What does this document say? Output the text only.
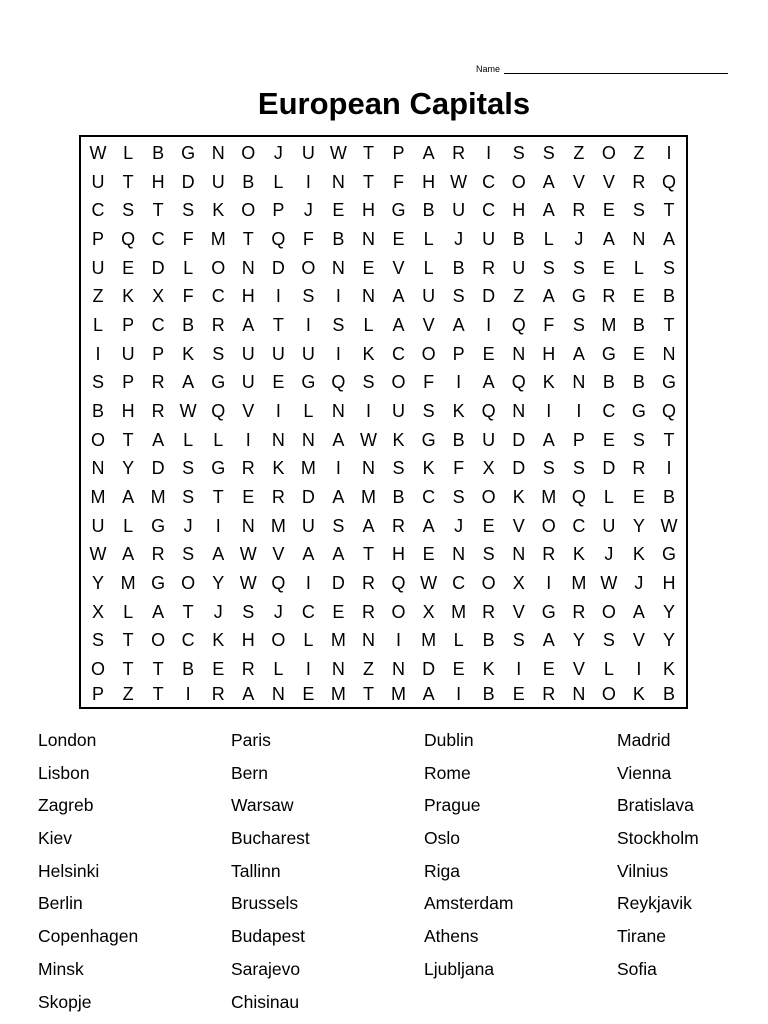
Name
European Capitals
W L	B G N O	J	U W T	P	A R	I	S	S	Z O Z	I
U	T	H D U B	L	I	N	T	F	H W C O A	V	V R Q
C S	T	S	K O P	J	E H G B U C H A R E	S	T
P Q C	F M T Q F	B N E	L	J	U B	L	J	A N A
U E D	L	O N D O N E	V	L	B R U S	S	E	L	S
Z	K	X	F	C H	I	S	I	N A U S D	Z	A G R E	B
L	P C B R A	T	I	S	L	A	V	A	I	Q F	S M B	T
I	U P	K	S U U U	I	K C O P	E N H A G E N
S	P R A G U E G Q S O F	I	A Q K N B	B G
B H R W Q V	I	L	N	I	U S	K Q N	I	I	C G Q
O T	A	L	L	I	N N A W K G B U D A	P	E	S	T
N Y D S G R K M	I	N S	K	F	X D S	S D R	I
M A M S	T	E R D A M B C S O K M Q	L	E	B
U	L	G	J	I	N M U S	A R A	J	E	V O C U Y W
W A R S	A W V	A	A	T	H E N S N R K	J	K G
Y M G O Y W Q	I	D R Q W C O X	I	M W J	H
X	L	A	T	J	S	J	C E R O X M R V G R O A	Y
S	T O C K H O	L M N	I	M L	B	S	A	Y	S	V	Y
O T	T	B	E R	L	I	N	Z	N D E	K	I	E	V	L	I	K
P	Z	T	I	R A N E M T M A	I	B	E R N O K	B
London	Paris	Dublin	Madrid
Lisbon	Bern	Rome	Vienna
Zagreb	Warsaw	Prague	Bratislava
Kiev	Bucharest	Oslo	Stockholm
Helsinki	Tallinn	Riga	Vilnius
Berlin	Brussels	Amsterdam	Reykjavik
Copenhagen	Budapest	Athens	Tirane
Minsk	Sarajevo	Ljubljana	Sofia
Skopje	Chisinau
